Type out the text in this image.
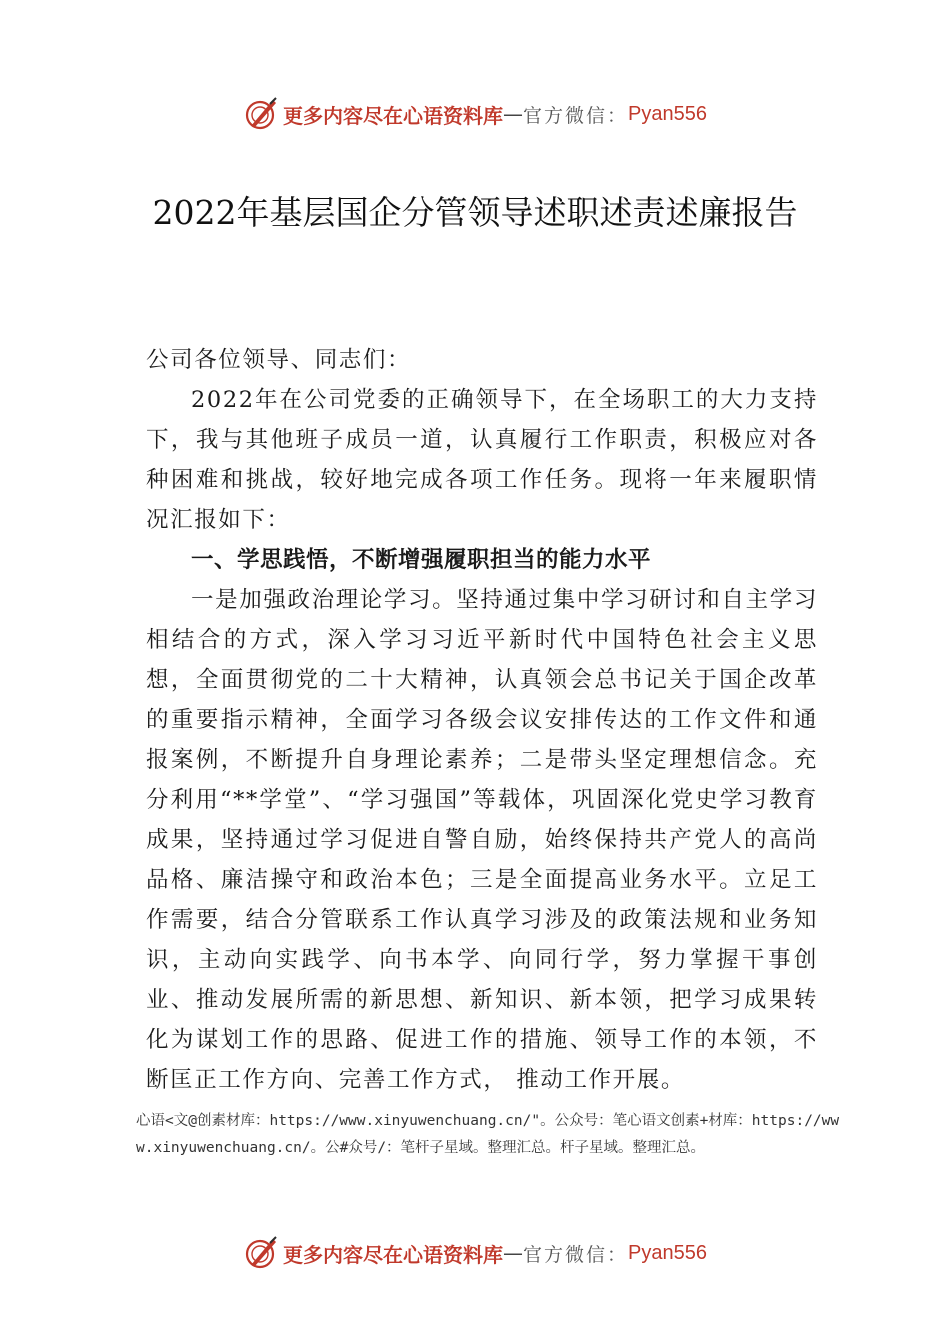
更多内容尽在心语资料库 — 官方微信： Pyan556
2022年基层国企分管领导述职述责述廉报告

公司各位领导、同志们：

2022年在公司党委的正确领导下，在全场职工的大力支持下，我与其他班子成员一道，认真履行工作职责，积极应对各种困难和挑战，较好地完成各项工作任务。现将一年来履职情况汇报如下：

一、学思践悟，不断增强履职担当的能力水平

一是加强政治理论学习。坚持通过集中学习研讨和自主学习相结合的方式，深入学习习近平新时代中国特色社会主义思想，全面贯彻党的二十大精神，认真领会总书记关于国企改革的重要指示精神，全面学习各级会议安排传达的工作文件和通报案例，不断提升自身理论素养；二是带头坚定理想信念。充分利用“**学堂”、“学习强国”等载体，巩固深化党史学习教育成果，坚持通过学习促进自警自励，始终保持共产党人的高尚品格、廉洁操守和政治本色；三是全面提高业务水平。立足工作需要，结合分管联系工作认真学习涉及的政策法规和业务知识，主动向实践学、向书本学、向同行学，努力掌握干事创业、推动发展所需的新思想、新知识、新本领，把学习成果转化为谋划工作的思路、促进工作的措施、领导工作的本领，不断匡正工作方向、完善工作方式， 推动工作开展。

心语<文@创素材库：https://www.xinyuwenchuang.cn/"。公众号：笔心语文创素+材库：https://www.xinyuwenchuang.cn/。公#众号/：笔杆子星域。整理汇总。杆子星域。整理汇总。
更多内容尽在心语资料库 — 官方微信： Pyan556
